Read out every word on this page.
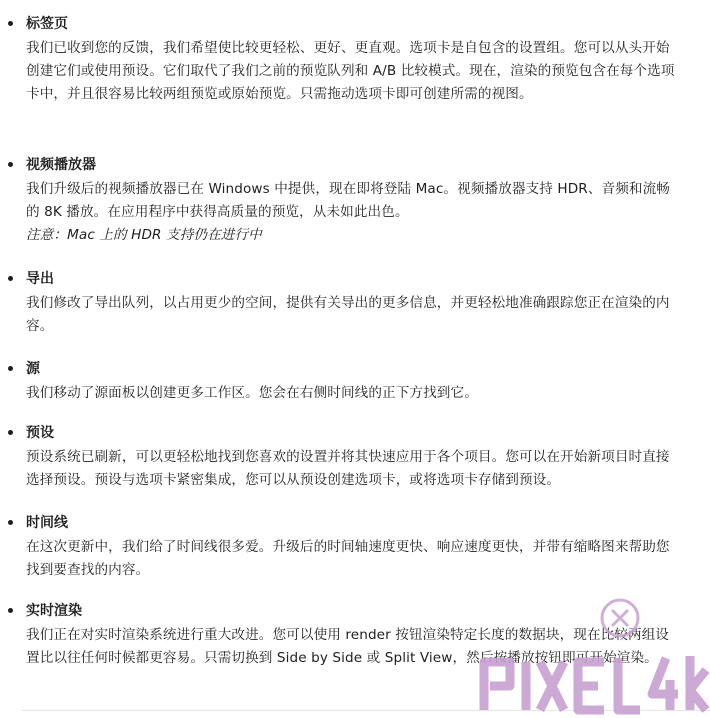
标签页
我们已收到您的反馈，我们希望使比较更轻松、更好、更直观。选项卡是自包含的设置组。您可以从头开始创建它们或使用预设。它们取代了我们之前的预览队列和 A/B 比较模式。现在，渲染的预览包含在每个选项卡中，并且很容易比较两组预览或原始预览。只需拖动选项卡即可创建所需的视图。
视频播放器
我们升级后的视频播放器已在 Windows 中提供，现在即将登陆 Mac。视频播放器支持 HDR、音频和流畅的 8K 播放。在应用程序中获得高质量的预览，从未如此出色。
注意：Mac 上的 HDR 支持仍在进行中
导出
我们修改了导出队列，以占用更少的空间，提供有关导出的更多信息，并更轻松地准确跟踪您正在渲染的内容。
源
我们移动了源面板以创建更多工作区。您会在右侧时间线的正下方找到它。
预设
预设系统已刷新，可以更轻松地找到您喜欢的设置并将其快速应用于各个项目。您可以在开始新项目时直接选择预设。预设与选项卡紧密集成，您可以从预设创建选项卡，或将选项卡存储到预设。
时间线
在这次更新中，我们给了时间线很多爱。升级后的时间轴速度更快、响应速度更快，并带有缩略图来帮助您找到要查找的内容。
实时渲染
我们正在对实时渲染系统进行重大改进。您可以使用 render 按钮渲染特定长度的数据块，现在比较两组设置比以往任何时候都更容易。只需切换到 Side by Side 或 Split View，然后按播放按钮即可开始渲染。
